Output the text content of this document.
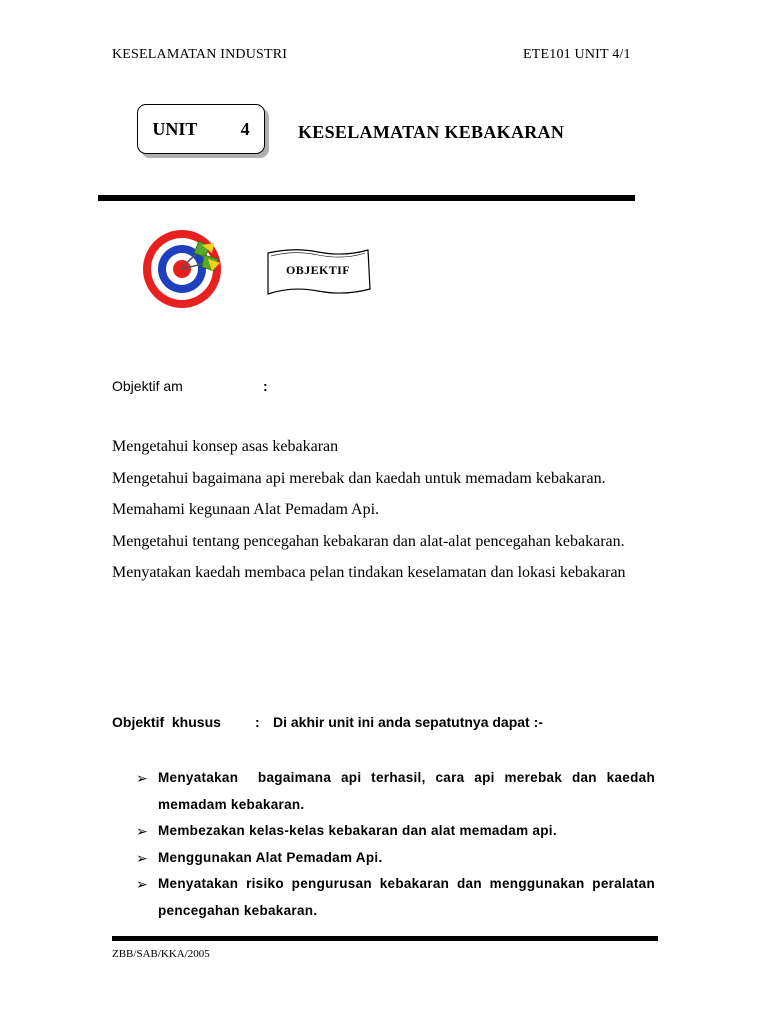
KESELAMATAN INDUSTRI	ETE101 UNIT 4/1
UNIT   4	KESELAMATAN KEBAKARAN
OBJEKTIF
Objektif am	:
Mengetahui konsep asas kebakaran
Mengetahui bagaimana api merebak dan kaedah untuk memadam kebakaran.
Memahami kegunaan Alat Pemadam Api.
Mengetahui tentang pencegahan kebakaran dan alat-alat pencegahan kebakaran.
Menyatakan kaedah membaca pelan tindakan keselamatan dan lokasi kebakaran
Objektif  khusus : Di akhir unit ini anda sepatutnya dapat :-
➢ Menyatakan  bagaimana api terhasil, cara api merebak dan kaedah memadam kebakaran.
➢ Membezakan kelas-kelas kebakaran dan alat memadam api.
➢ Menggunakan Alat Pemadam Api.
➢ Menyatakan risiko pengurusan kebakaran dan menggunakan peralatan pencegahan kebakaran.
ZBB/SAB/KKA/2005
